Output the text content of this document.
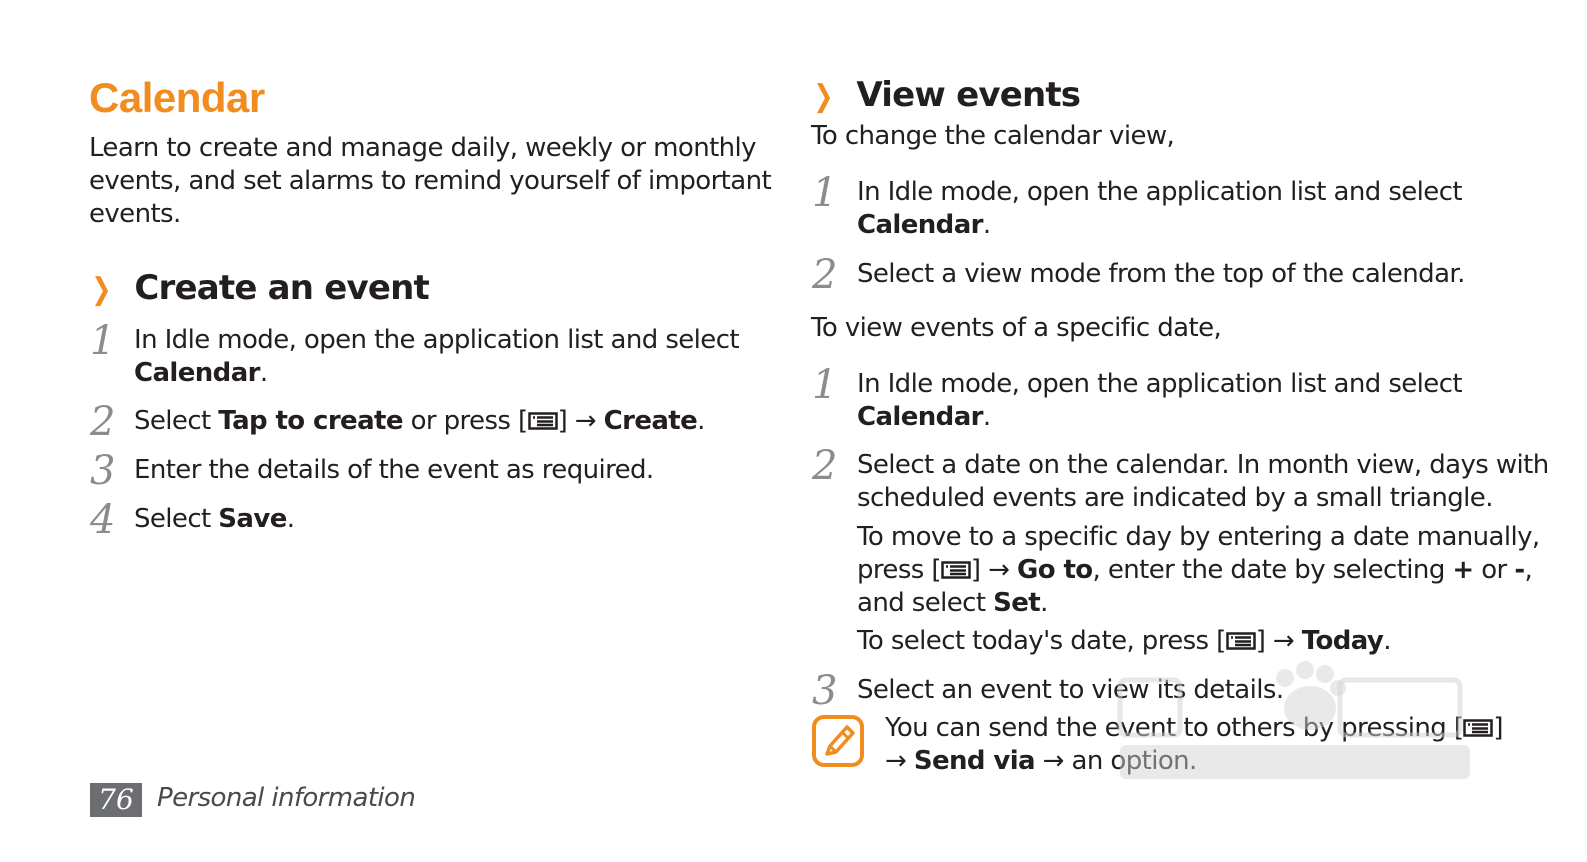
Calendar
Learn to create and manage daily, weekly or monthly
events, and set alarms to remind yourself of important
events.
❯ Create an event
1 In Idle mode, open the application list and select
Calendar.
2 Select Tap to create or press [ ] → Create.
3 Enter the details of the event as required.
4 Select Save.
76 Personal information
❯ View events
To change the calendar view,
1 In Idle mode, open the application list and select
Calendar.
2 Select a view mode from the top of the calendar.
To view events of a specific date,
1 In Idle mode, open the application list and select
Calendar.
2 Select a date on the calendar. In month view, days with
scheduled events are indicated by a small triangle.
To move to a specific day by entering a date manually,
press [ ] → Go to, enter the date by selecting + or -,
and select Set.
To select today's date, press [ ] → Today.
3 Select an event to view its details.
You can send the event to others by pressing [ ]
→ Send via → an option.
